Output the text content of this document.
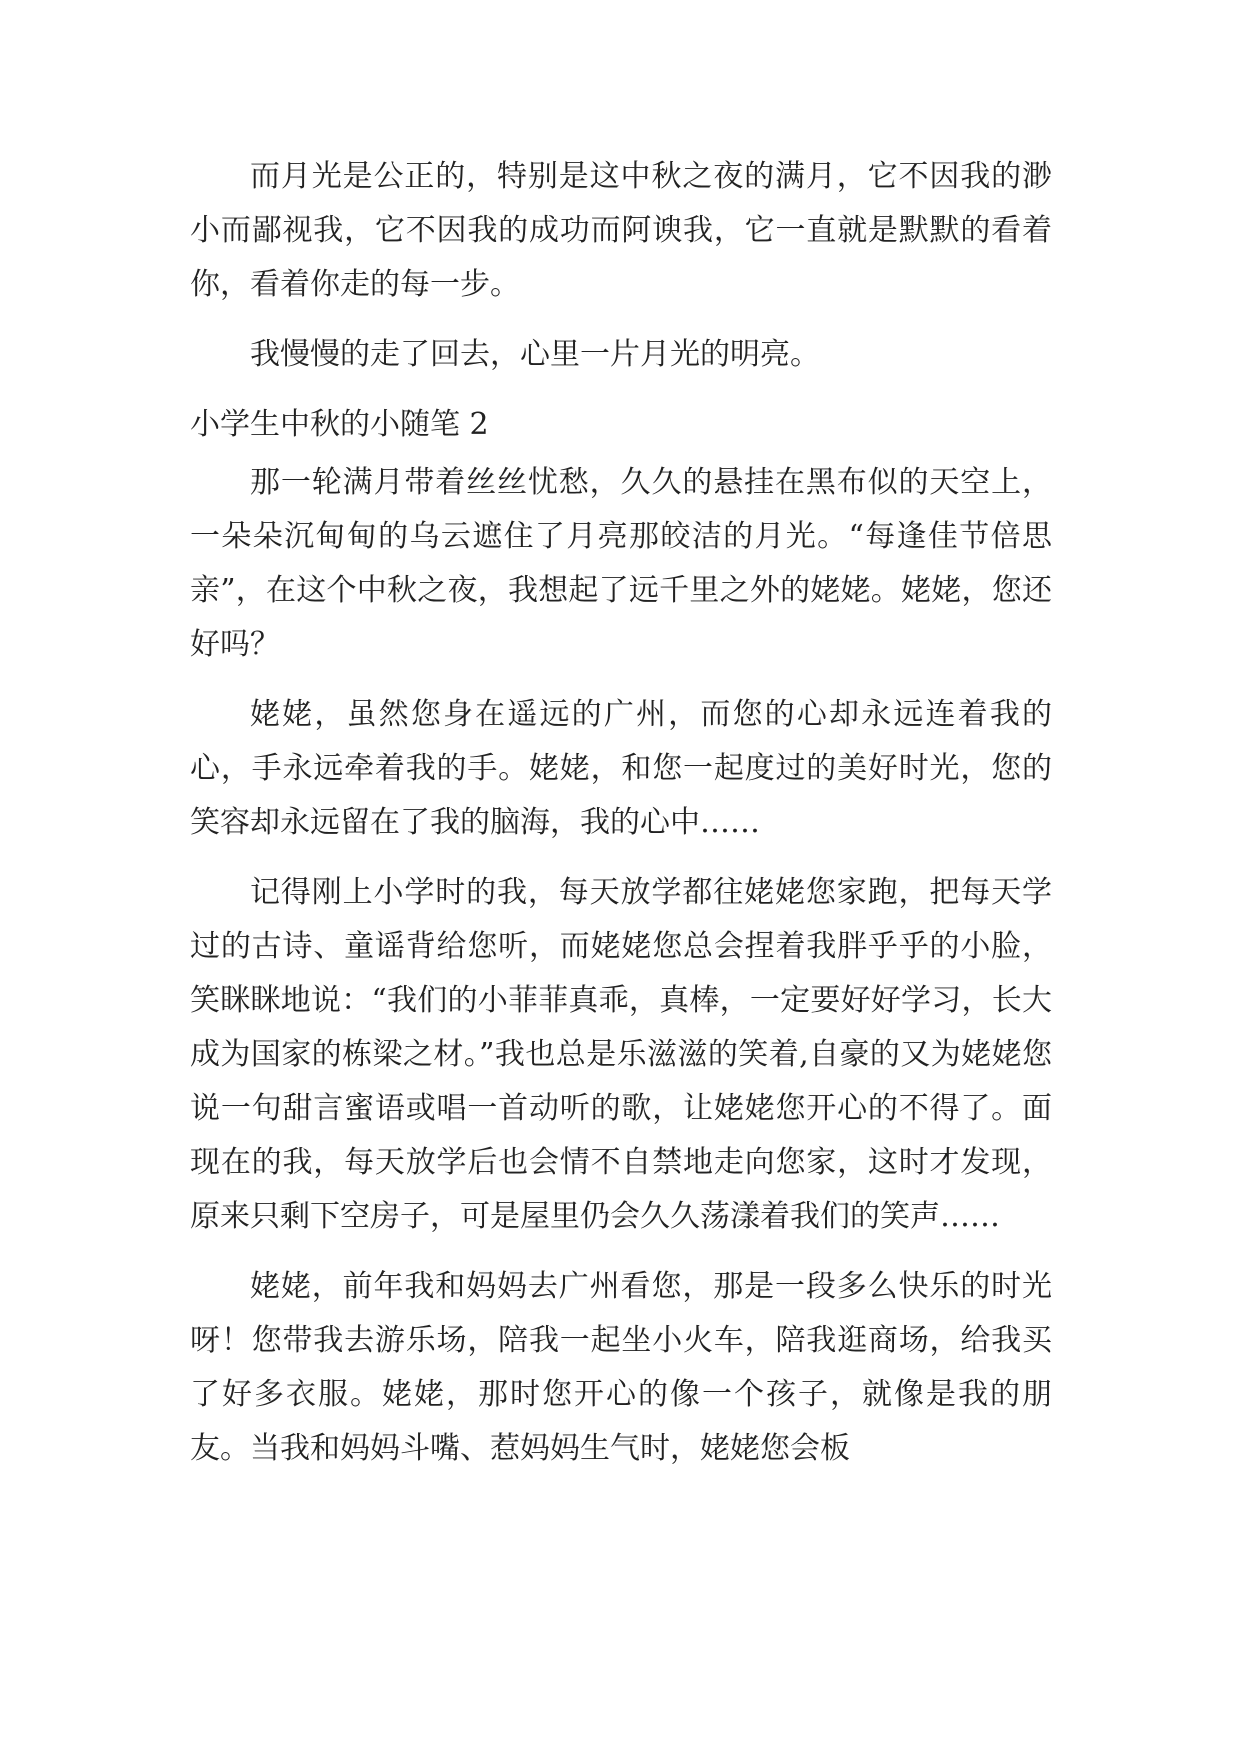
而月光是公正的，特别是这中秋之夜的满月，它不因我的渺小而鄙视我，它不因我的成功而阿谀我，它一直就是默默的看着你，看着你走的每一步。

我慢慢的走了回去，心里一片月光的明亮。

小学生中秋的小随笔 2

那一轮满月带着丝丝忧愁，久久的悬挂在黑布似的天空上，一朵朵沉甸甸的乌云遮住了月亮那皎洁的月光。“每逢佳节倍思亲”，在这个中秋之夜，我想起了远千里之外的姥姥。姥姥，您还好吗？

姥姥，虽然您身在遥远的广州，而您的心却永远连着我的心，手永远牵着我的手。姥姥，和您一起度过的美好时光，您的笑容却永远留在了我的脑海，我的心中……

记得刚上小学时的我，每天放学都往姥姥您家跑，把每天学过的古诗、童谣背给您听，而姥姥您总会捏着我胖乎乎的小脸，笑眯眯地说：“我们的小菲菲真乖，真棒，一定要好好学习，长大成为国家的栋梁之材。”我也总是乐滋滋的笑着,自豪的又为姥姥您说一句甜言蜜语或唱一首动听的歌，让姥姥您开心的不得了。面现在的我，每天放学后也会情不自禁地走向您家，这时才发现，原来只剩下空房子，可是屋里仍会久久荡漾着我们的笑声……

姥姥，前年我和妈妈去广州看您，那是一段多么快乐的时光呀！您带我去游乐场，陪我一起坐小火车，陪我逛商场，给我买了好多衣服。姥姥，那时您开心的像一个孩子，就像是我的朋友。当我和妈妈斗嘴、惹妈妈生气时，姥姥您会板
